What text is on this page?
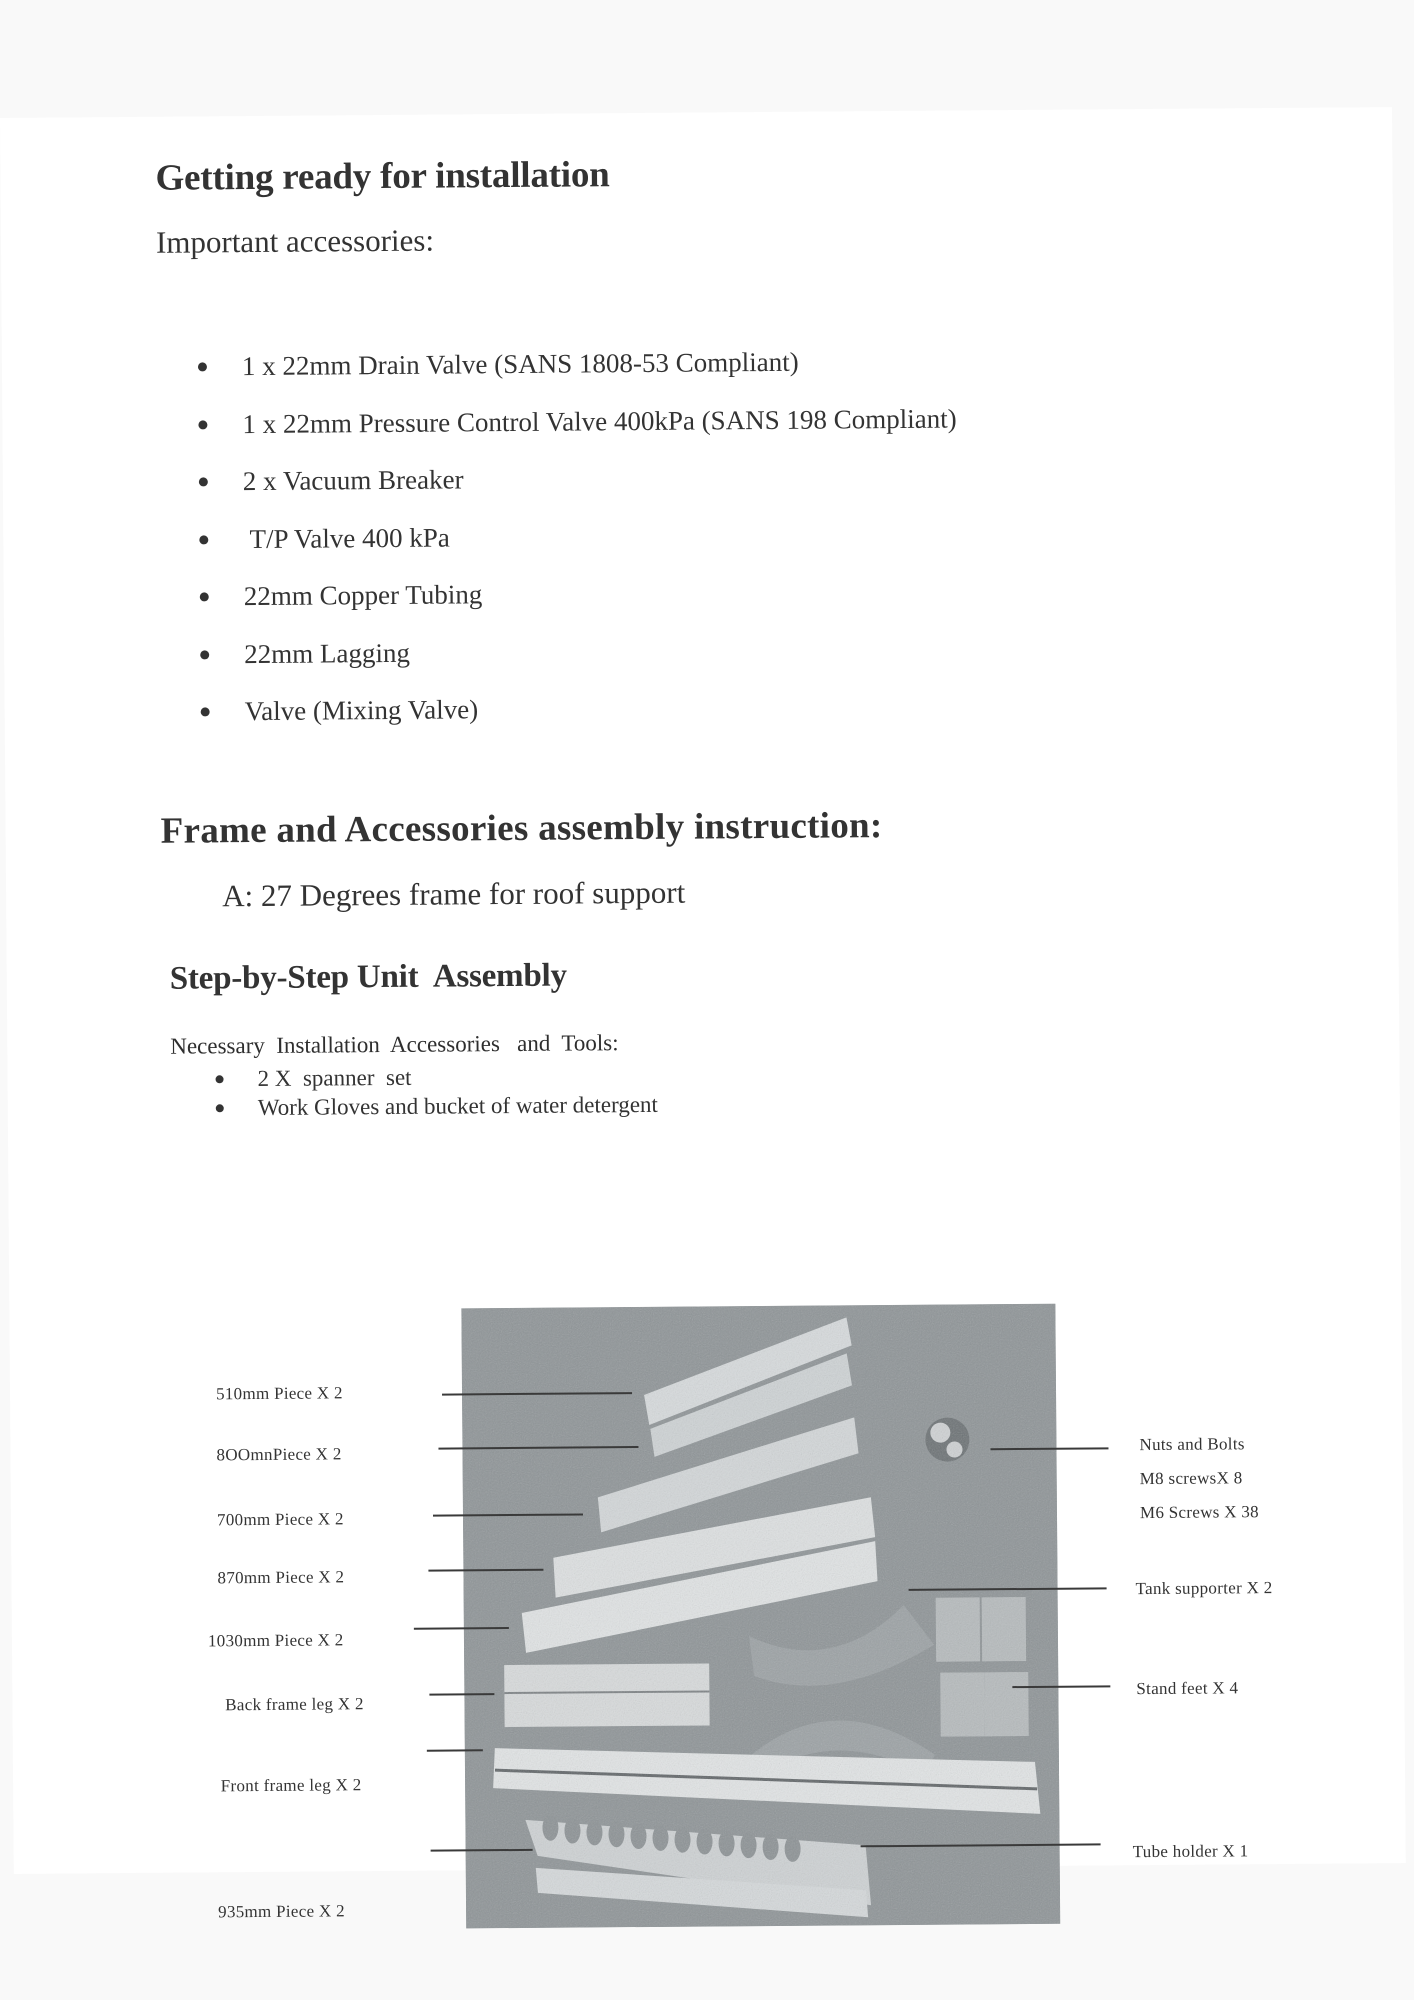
Getting ready for installation
Important accessories:
1 x 22mm Drain Valve (SANS 1808-53 Compliant)
1 x 22mm Pressure Control Valve 400kPa (SANS 198 Compliant)
2 x Vacuum Breaker
T/P Valve 400 kPa
22mm Copper Tubing
22mm Lagging
Valve (Mixing Valve)
Frame and Accessories assembly instruction:
A: 27 Degrees frame for roof support
Step-by-Step Unit  Assembly
Necessary  Installation  Accessories   and  Tools:
2 X  spanner  set
Work Gloves and bucket of water detergent
510mm Piece X 2
8OOmnPiece X 2
700mm Piece X 2
870mm Piece X 2
1030mm Piece X 2
Back frame leg X 2
Front frame leg X 2
935mm Piece X 2
Nuts and Bolts
M8 screwsX 8
M6 Screws X 38
Tank supporter X 2
Stand feet X 4
Tube holder X 1
